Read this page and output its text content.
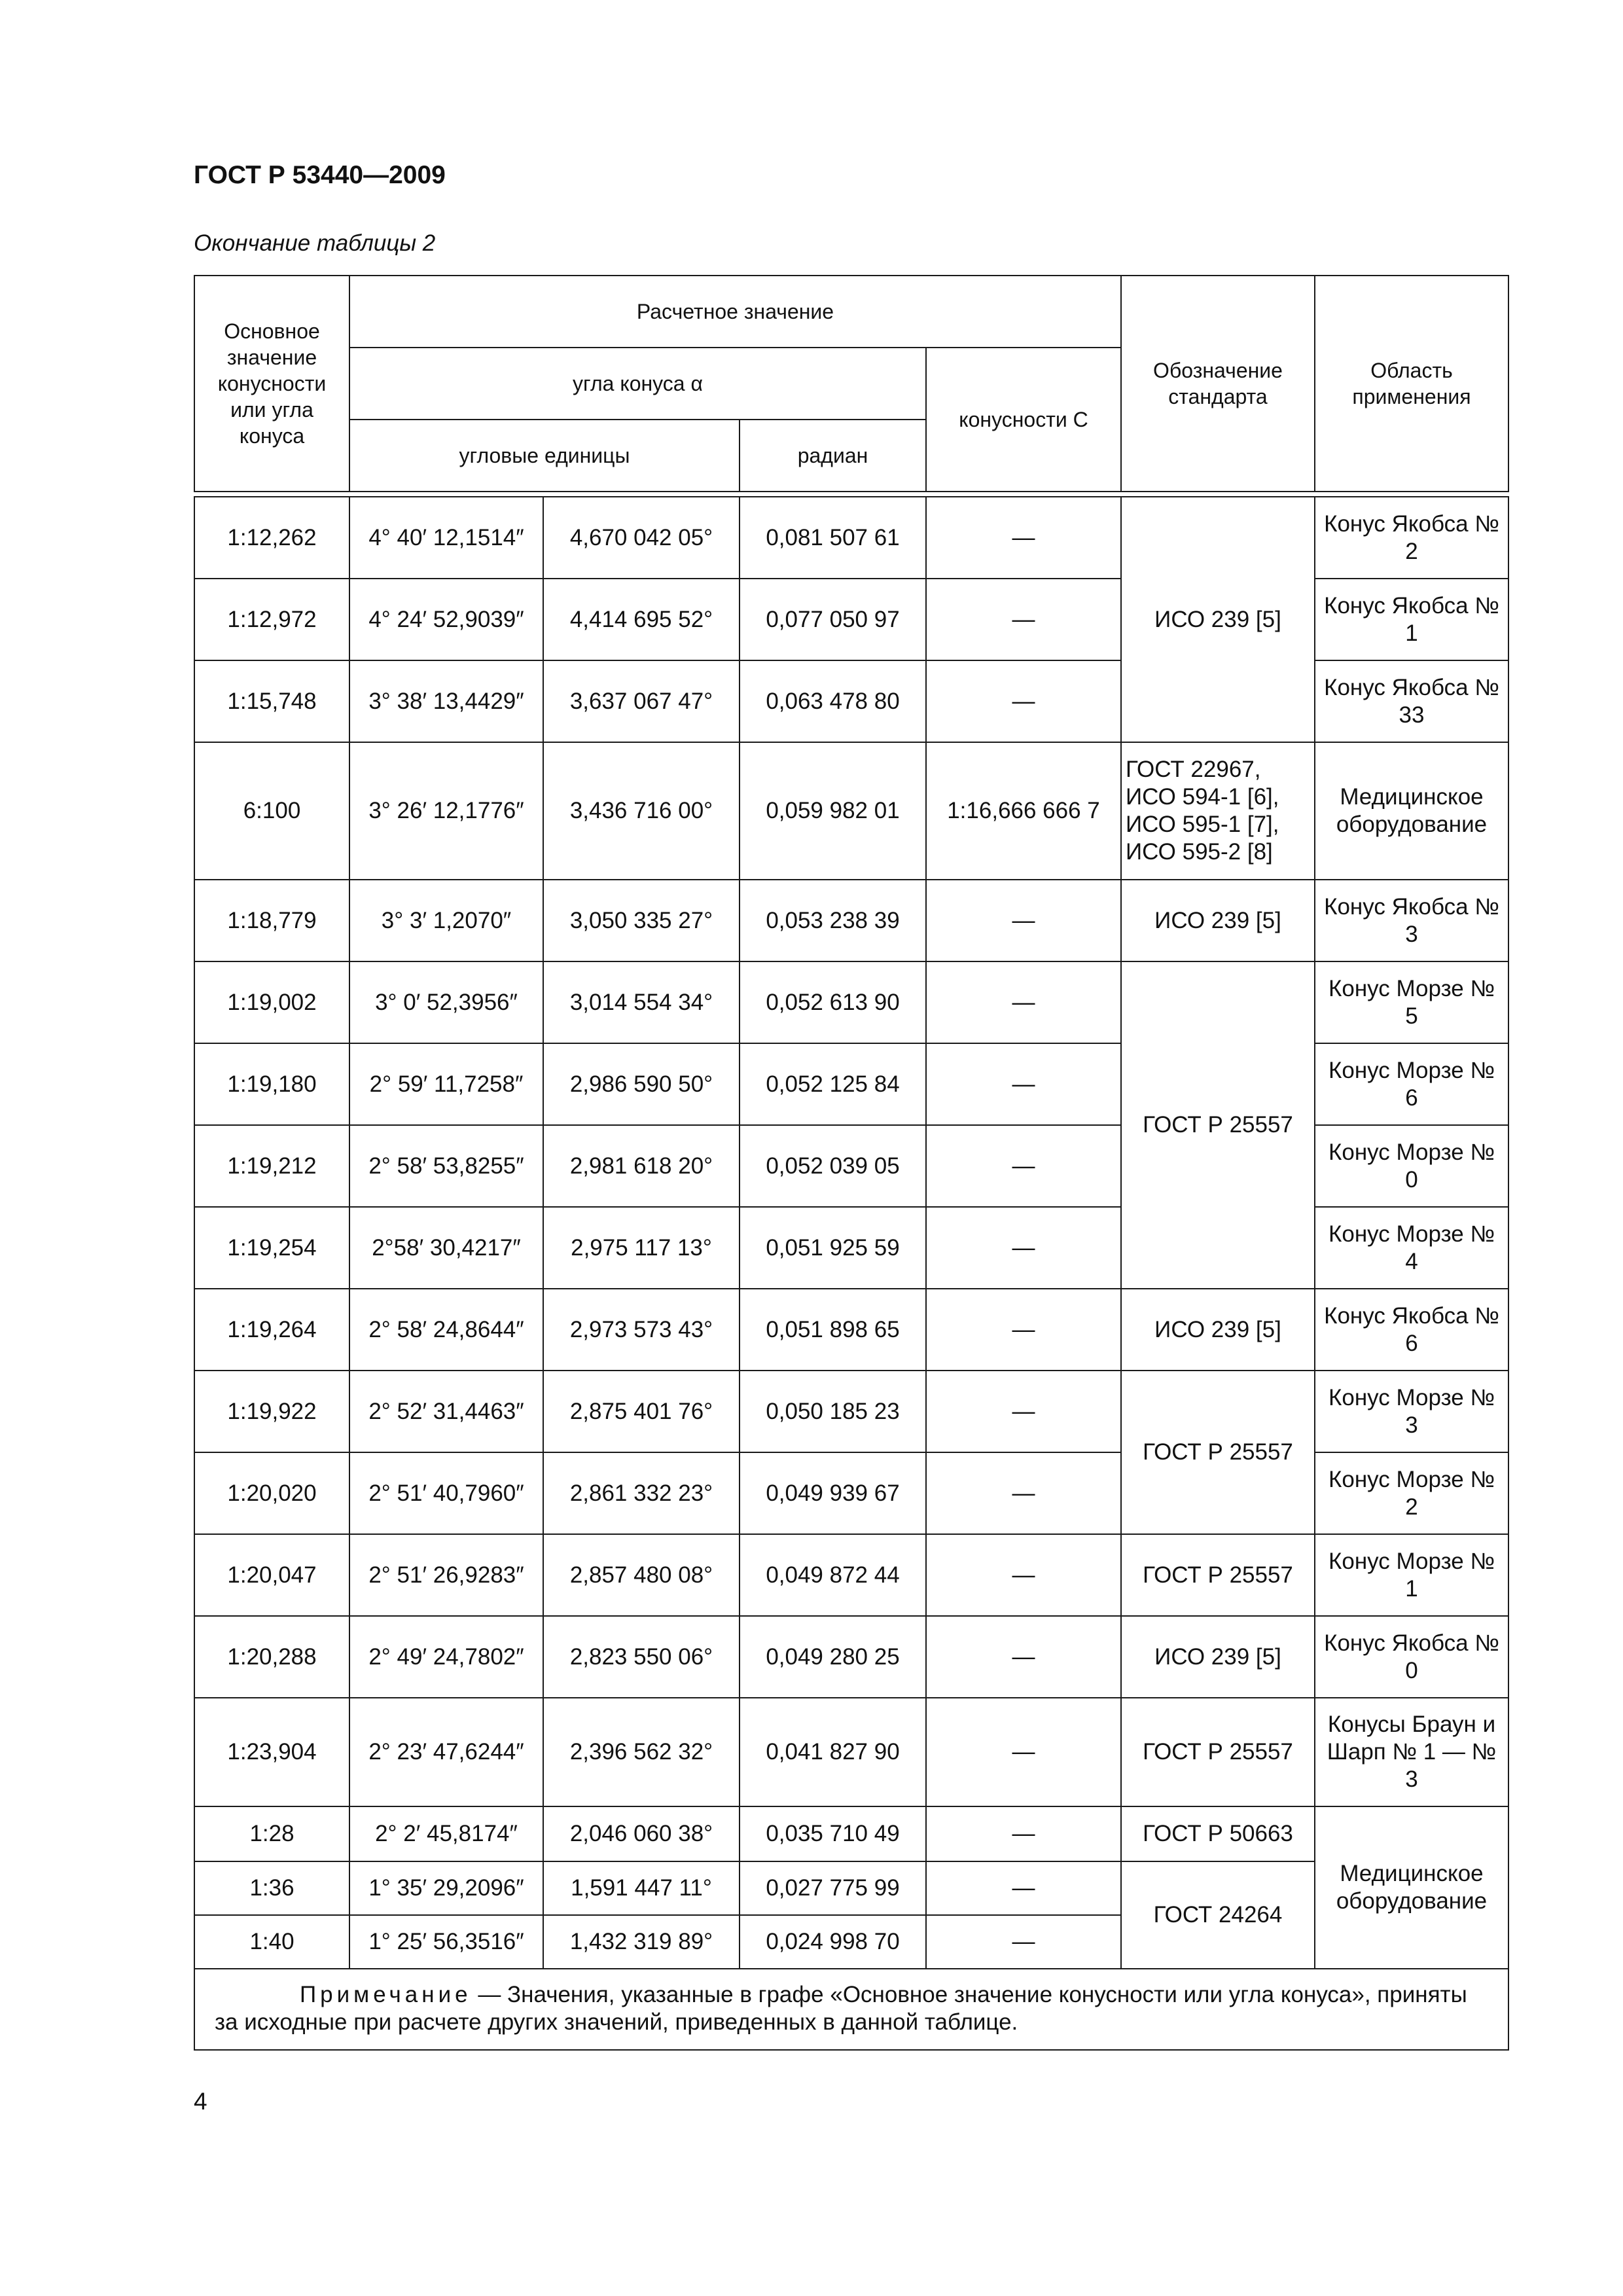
ГОСТ Р 53440—2009
Окончание таблицы 2
Основное значение конусности или угла конуса	Расчетное значение				Обозначение стандарта	Область применения
	угла конуса α			конусности C		
	угловые единицы		радиан			

1:12,262	4° 40′ 12,1514″	4,670 042 05°	0,081 507 61	—	ИСО 239 [5]	Конус Якобса № 2
1:12,972	4° 24′ 52,9039″	4,414 695 52°	0,077 050 97	—		Конус Якобса № 1
1:15,748	3° 38′ 13,4429″	3,637 067 47°	0,063 478 80	—		Конус Якобса № 33
6:100	3° 26′ 12,1776″	3,436 716 00°	0,059 982 01	1:16,666 666 7	ГОСТ 22967, ИСО 594-1 [6], ИСО 595-1 [7], ИСО 595-2 [8]	Медицинское оборудование
1:18,779	3° 3′ 1,2070″	3,050 335 27°	0,053 238 39	—	ИСО 239 [5]	Конус Якобса № 3
1:19,002	3° 0′ 52,3956″	3,014 554 34°	0,052 613 90	—	ГОСТ Р 25557	Конус Морзе № 5
1:19,180	2° 59′ 11,7258″	2,986 590 50°	0,052 125 84	—		Конус Морзе № 6
1:19,212	2° 58′ 53,8255″	2,981 618 20°	0,052 039 05	—		Конус Морзе № 0
1:19,254	2°58′ 30,4217″	2,975 117 13°	0,051 925 59	—		Конус Морзе № 4
1:19,264	2° 58′ 24,8644″	2,973 573 43°	0,051 898 65	—	ИСО 239 [5]	Конус Якобса № 6
1:19,922	2° 52′ 31,4463″	2,875 401 76°	0,050 185 23	—	ГОСТ Р 25557	Конус Морзе № 3
1:20,020	2° 51′ 40,7960″	2,861 332 23°	0,049 939 67	—		Конус Морзе № 2
1:20,047	2° 51′ 26,9283″	2,857 480 08°	0,049 872 44	—	ГОСТ Р 25557	Конус Морзе № 1
1:20,288	2° 49′ 24,7802″	2,823 550 06°	0,049 280 25	—	ИСО 239 [5]	Конус Якобса № 0
1:23,904	2° 23′ 47,6244″	2,396 562 32°	0,041 827 90	—	ГОСТ Р 25557	Конусы Браун и Шарп № 1 — № 3
1:28	2° 2′ 45,8174″	2,046 060 38°	0,035 710 49	—	ГОСТ Р 50663	Медицинское оборудование
1:36	1° 35′ 29,2096″	1,591 447 11°	0,027 775 99	—	ГОСТ 24264	
1:40	1° 25′ 56,3516″	1,432 319 89°	0,024 998 70	—		
Примечание — Значения, указанные в графе «Основное значение конусности или угла конуса», приняты за исходные при расчете других значений, приведенных в данной таблице.						
4
